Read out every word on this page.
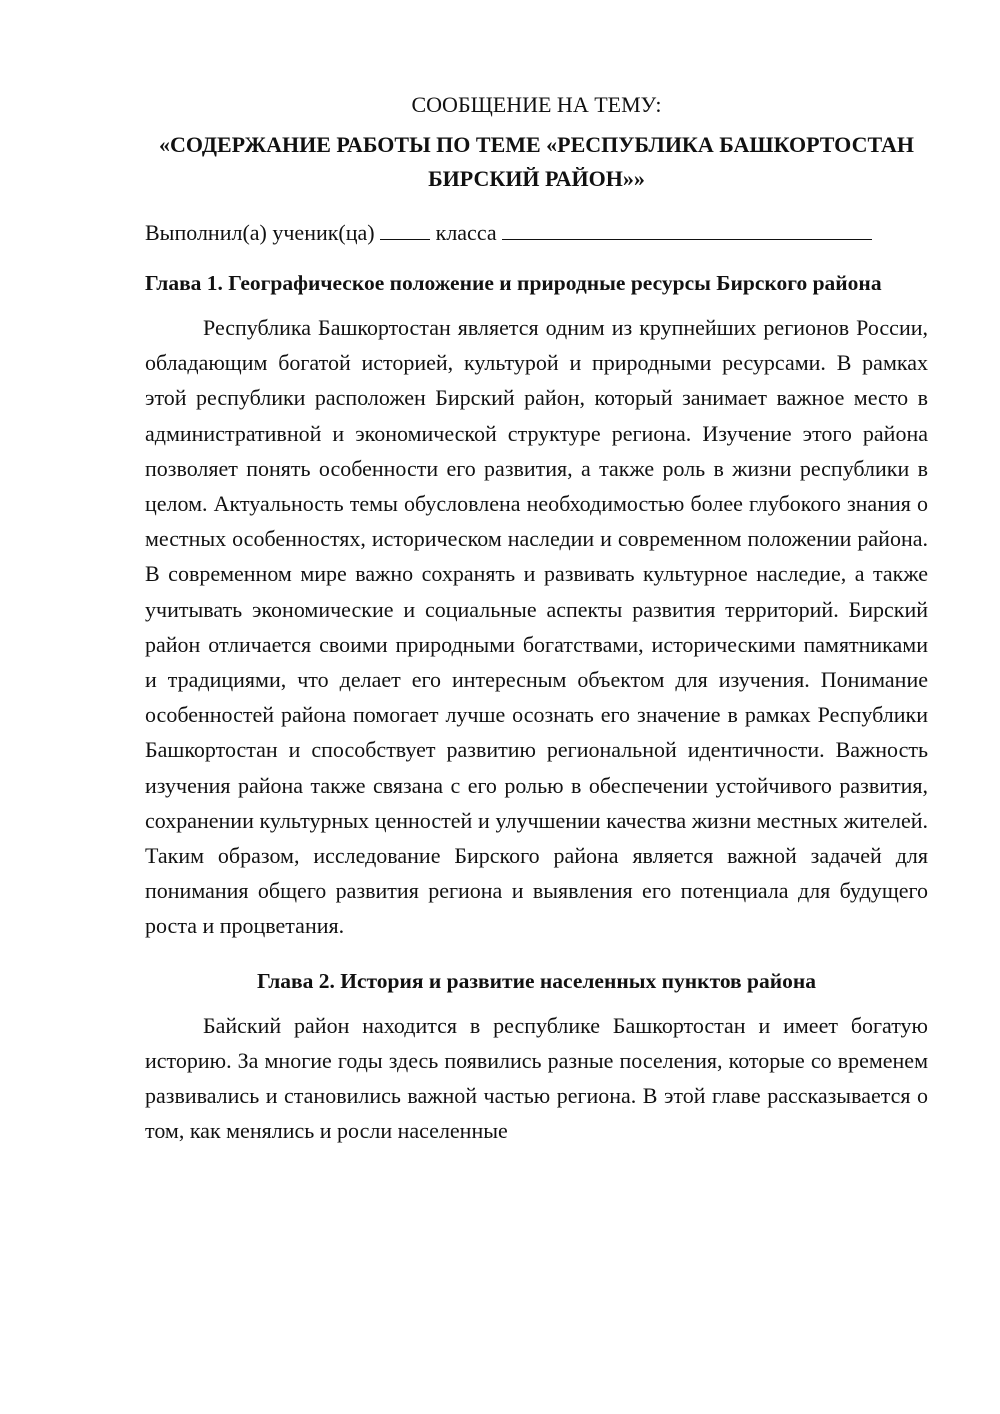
СООБЩЕНИЕ НА ТЕМУ:

«СОДЕРЖАНИЕ РАБОТЫ ПО ТЕМЕ «РЕСПУБЛИКА БАШКОРТОСТАН БИРСКИЙ РАЙОН»»

Выполнил(а) ученик(ца)	класса

Глава 1. Географическое положение и природные ресурсы Бирского района

Республика Башкортостан является одним из крупнейших регионов России, обладающим богатой историей, культурой и природными ресурсами. В рамках этой республики расположен Бирский район, который занимает важное место в административной и экономической структуре региона. Изучение этого района позволяет понять особенности его развития, а также роль в жизни республики в целом. Актуальность темы обусловлена необходимостью более глубокого знания о местных особенностях, историческом наследии и современном положении района. В современном мире важно сохранять и развивать культурное наследие, а также учитывать экономические и социальные аспекты развития территорий. Бирский район отличается своими природными богатствами, историческими памятниками и традициями, что делает его интересным объектом для изучения. Понимание особенностей района помогает лучше осознать его значение в рамках Республики Башкортостан и способствует развитию региональной идентичности. Важность изучения района также связана с его ролью в обеспечении устойчивого развития, сохранении культурных ценностей и улучшении качества жизни местных жителей. Таким образом, исследование Бирского района является важной задачей для понимания общего развития региона и выявления его потенциала для будущего роста и процветания.

Глава 2. История и развитие населенных пунктов района

Байский район находится в республике Башкортостан и имеет богатую историю. За многие годы здесь появились разные поселения, которые со временем развивались и становились важной частью региона. В этой главе рассказывается о том, как менялись и росли населенные
